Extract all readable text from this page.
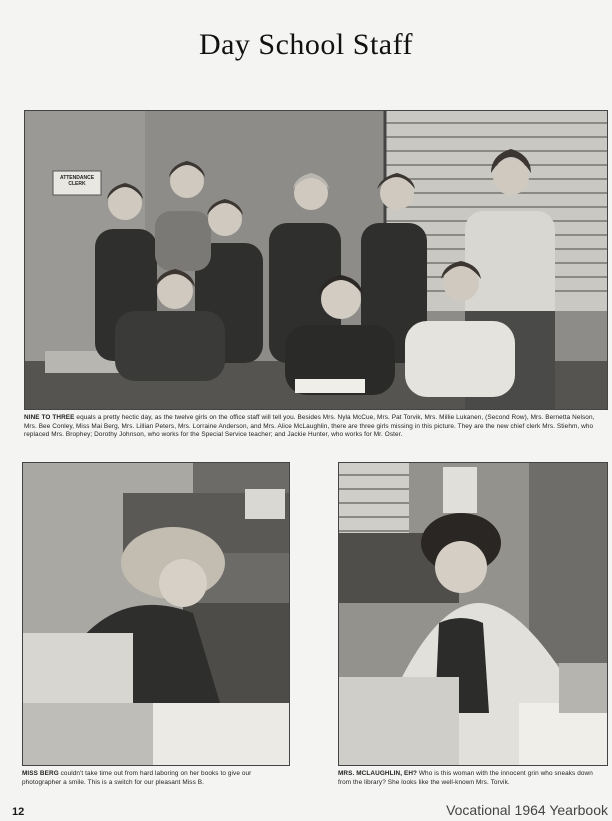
Day School Staff
ATTENDANCE CLERK
NINE TO THREE equals a pretty hectic day, as the twelve girls on the office staff will tell you. Besides Mrs. Nyla McCue, Mrs. Pat Torvik, Mrs. Millie Lukanen, (Second Row), Mrs. Bernetta Nelson, Mrs. Bee Conley, Miss Mai Berg, Mrs. Lillian Peters, Mrs. Lorraine Anderson, and Mrs. Alice McLaughlin, there are three girls missing in this picture. They are the new chief clerk Mrs. Stiehm, who replaced Mrs. Brophey; Dorothy Johnson, who works for the Special Service teacher; and Jackie Hunter, who works for Mr. Oster.
MISS BERG couldn't take time out from hard laboring on her books to give our photographer a smile. This is a switch for our pleasant Miss B.
MRS. MCLAUGHLIN, EH? Who is this woman with the innocent grin who sneaks down from the library? She looks like the well-known Mrs. Torvik.
12	Vocational 1964 Yearbook
